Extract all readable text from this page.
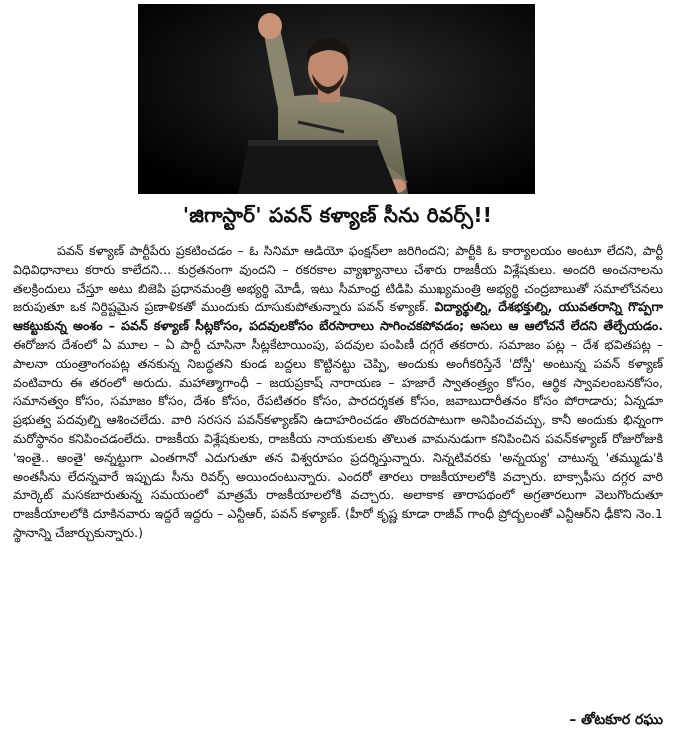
'జిగాస్టార్' పవన్ కళ్యాణ్ సీను రివర్స్!!

పవన్ కళ్యాణ్ పార్టీపేరు ప్రకటించడం – ఓ సినిమా ఆడియో ఫంక్షన్‌లా జరిగిందని; పార్టీకి ఓ కార్యాలయం అంటూ లేదని, పార్టీ విధివిధానాలు కరారు కాలేదని... కుర్రతనంగా వుందని – రకరకాల వ్యాఖ్యానాలు చేశారు రాజకీయ విశ్లేషకులు. అందరి అంచనాలను తలక్రిందులు చేస్తూ అటు బిజెపి ప్రధానమంత్రి అభ్యర్థి మోడీ, ఇటు సీమాంధ్ర టిడిపి ముఖ్యమంత్రి అభ్యర్థి చంద్రబాబుతో సమాలోచనలు జరుపుతూ ఒక నిర్దిష్టమైన ప్రణాళికతో ముందుకు దూసుకుపోతున్నారు పవన్ కళ్యాణ్. విద్యార్థుల్ని, దేశభక్తుల్ని, యువతరాన్ని గొప్పగా ఆకట్టుకున్న అంశం – పవన్ కళ్యాణ్ సీట్లకోసం, పదవులకోసం బేరసారాలు సాగించకపోవడం; అసలు ఆ ఆలోచనే లేదని తేల్చేయడం. ఈరోజున దేశంలో ఏ మూల – ఏ పార్టీ చూసినా సీట్లకేటాయింపు, పదవుల పంపిణీ దగ్గరే తకరారు. సమాజం పట్ల – దేశ భవితపట్ల – పాలనా యంత్రాంగంపట్ల తనకున్న నిబద్ధతని కుండ బద్దలు కొట్టినట్టు చెప్పి, అందుకు అంగీకరిస్తేనే 'దోస్తీ' అంటున్న పవన్ కళ్యాణ్ వంటివారు ఈ తరంలో అరుదు. మహాత్మాగాంధీ – జయప్రకాష్ నారాయణ – హజారే స్వాతంత్ర్యం కోసం, ఆర్థిక స్వావలంబనకోసం, సమానత్వం కోసం, సమాజం కోసం, దేశం కోసం, రేపటితరం కోసం, పారదర్శకత కోసం, జవాబుదారీతనం కోసం పోరాడారు; ఏన్నడూ ప్రభుత్వ పదవుల్ని ఆశించలేదు. వారి సరసన పవన్‌కళ్యాణ్‌ని ఉదాహరించడం తొందరపాటుగా అనిపించవచ్చు, కానీ అందుకు భిన్నంగా మరోస్థానం కనిపించడంలేదు. రాజకీయ విశ్లేషకులకు, రాజకీయ నాయకులకు తొలుత వామనుడుగా కనిపించిన పవన్‌కళ్యాణ్ రోజురోజుకి 'ఇంతై.. అంతై' అన్నట్టుగా ఎంతగానో ఎదుగుతూ తన విశ్వరూపం ప్రదర్శిస్తున్నారు. నిన్నటివరకు 'అన్నయ్య' చాటున్న 'తమ్ముడు'కి అంతసీను లేదన్నవారే ఇప్పుడు సీను రివర్స్ అయిందంటున్నారు. ఎందరో తారలు రాజకీయాలలోకి వచ్చారు. బాక్సాఫీసు దగ్గర వారి మార్కెట్ మసకబారుతున్న సమయంలో మాత్రమే రాజకీయాలలోకి వచ్చారు. అలాకాక తారాపథంలో అగ్రతారలుగా వెలుగొందుతూ రాజకీయాలలోకి దూకినవారు ఇద్దరే ఇద్దరు – ఎన్టీఆర్, పవన్ కళ్యాణ్. (హీరో కృష్ణ కూడా రాజీవ్ గాంధీ ప్రోద్బలంతో ఎన్టీఆర్‌ని ఢీకొని నెం.1 స్థానాన్ని చేజార్చుకున్నారు.)

– తోటకూర రఘు
